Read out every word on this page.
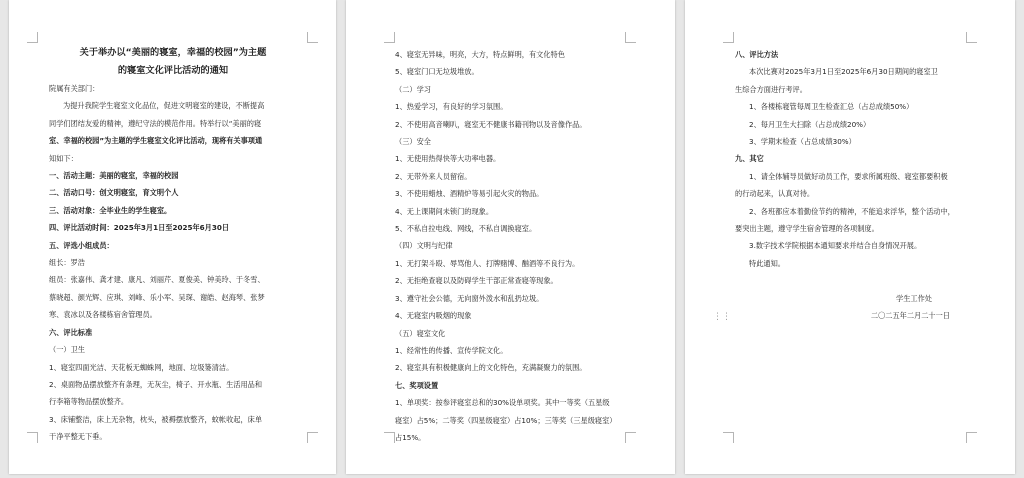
关于举办以“美丽的寝室，幸福的校园”为主题

的寝室文化评比活动的通知

院属有关部门：

为提升我院学生寝室文化品位，促进文明寝室的建设，不断提高

同学们团结友爱的精神，遵纪守法的模范作用。特举行以“美丽的寝

室、幸福的校园”为主题的学生寝室文化评比活动，现将有关事项通

知如下：

一、活动主题：美丽的寝室，幸福的校园

二、活动口号：创文明寝室，育文明个人

三、活动对象：全毕业生的学生寝室。

四、评比活动时间：2025年3月1日至2025年6月30日

五、评选小组成员：

组长：罗浩

组员：张嘉伟、龚才建、康凡、刘丽芹、夏俊美、钟美玲、于冬雪、

蔡晓超、颜光辉、应琪、刘峰、乐小军、吴琛、谢皓、赵海琴、张梦

寒、袁冰以及各楼栋宿舍管理员。

六、评比标准

（一）卫生

1、寝室四面光洁、天花板无蜘蛛网，地面、垃圾篓清洁。

2、桌面物品摆放整齐有条理，无灰尘，椅子、开水瓶、生活用品和

行李箱等物品摆放整齐。

3、床铺整洁，床上无杂物，枕头，被褥摆放整齐，蚊帐收起，床单

干净平整无下垂。

4、寝室无异味，明亮，大方，特点鲜明，有文化特色

5、寝室门口无垃圾堆放。

（二）学习

1、热爱学习，有良好的学习氛围。

2、不使用高音喇叭，寝室无不健康书籍刊物以及音像作品。

（三）安全

1、无使用热得快等大功率电器。

2、无带外来人员留宿。

3、不使用蜡烛、酒精炉等易引起火灾的物品。

4、无上课期间未锁门的现象。

5、不私自拉电线、网线，不私自调换寝室。

（四）文明与纪律

1、无打架斗殴、辱骂他人、打牌赌博、酗酒等不良行为。

2、无拒绝查寝以及防碍学生干部正常查寝等现象。

3、遵守社会公德，无向窗外泼水和乱扔垃圾。

4、无寝室内吸烟的现象

（五）寝室文化

1、经常性的传播、宣传学院文化。

2、寝室具有积极健康向上的文化特色，充满凝聚力的氛围。

七、奖项设置

1、单项奖：按参评寝室总和的30%设单项奖。其中一等奖（五星级

寝室）占5%；二等奖（四星级寝室）占10%；三等奖（三星级寝室）

占15%。

八、评比方法

本次比赛对2025年3月1日至2025年6月30日期间的寝室卫

生综合方面进行考评。

1、各楼栋寝管每周卫生检查汇总（占总成绩50%）

2、每月卫生大扫除（占总成绩20%）

3、学期末检查（占总成绩30%）

九、其它

1、请全体辅导员做好动员工作，要求所属班级、寝室都要积极

的行动起来，认真对待。

2、各班都应本着勤俭节约的精神，不能追求浮华，整个活动中，

要突出主题，遵守学生宿舍管理的各项制度。

3.数字技术学院根据本通知要求并结合自身情况开展。

特此通知。

学生工作处

二〇二五年二月二十一日

⋮⋮
